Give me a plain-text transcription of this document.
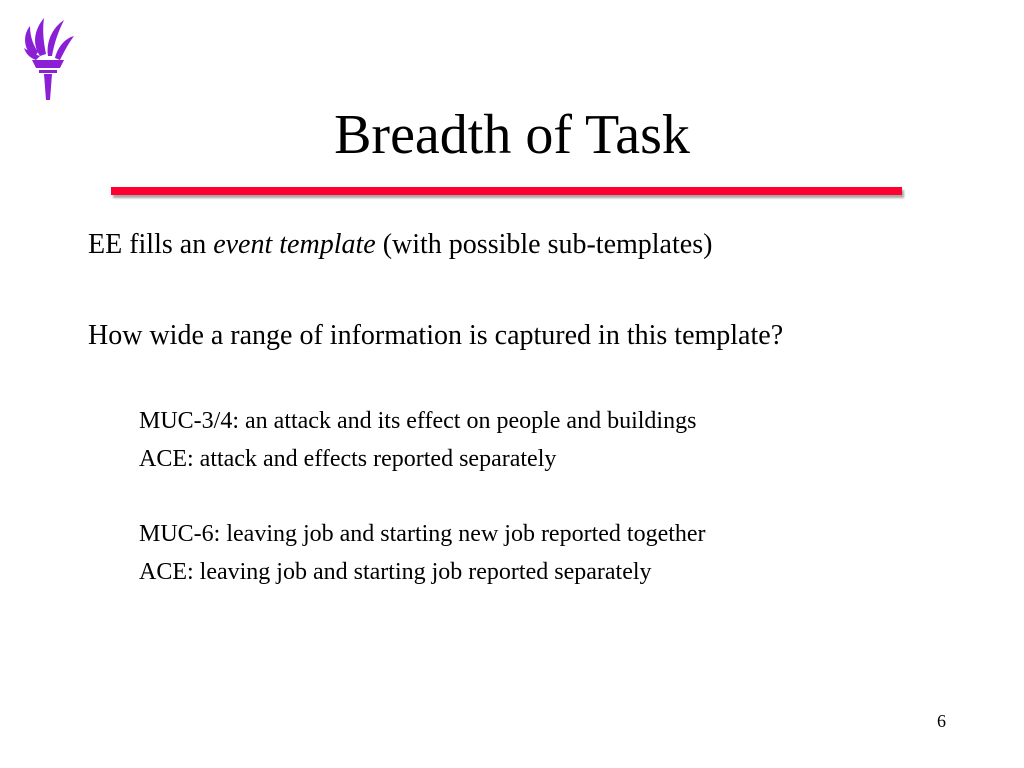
Breadth of Task
EE fills an event template (with possible sub-templates)
How wide a range of information is captured in this template?
MUC-3/4: an attack and its effect on people and buildings
ACE: attack and effects reported separately
MUC-6: leaving job and starting new job reported together
ACE: leaving job and starting job reported separately
6
